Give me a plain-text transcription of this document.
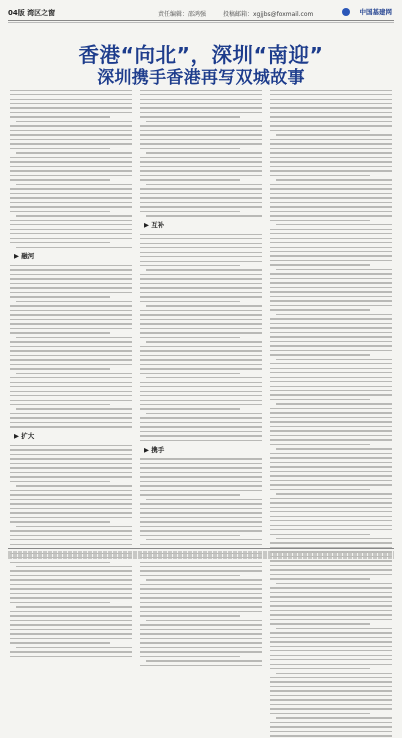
04版 湾区之窗	责任编辑：邵鸿强	投稿邮箱：xgjjbs@foxmail.com	中国基建网
香港“向北”，深圳“南迎”
深圳携手香港再写双城故事
▶ 融河
▶ 扩大
▶ 互补
▶ 携手
